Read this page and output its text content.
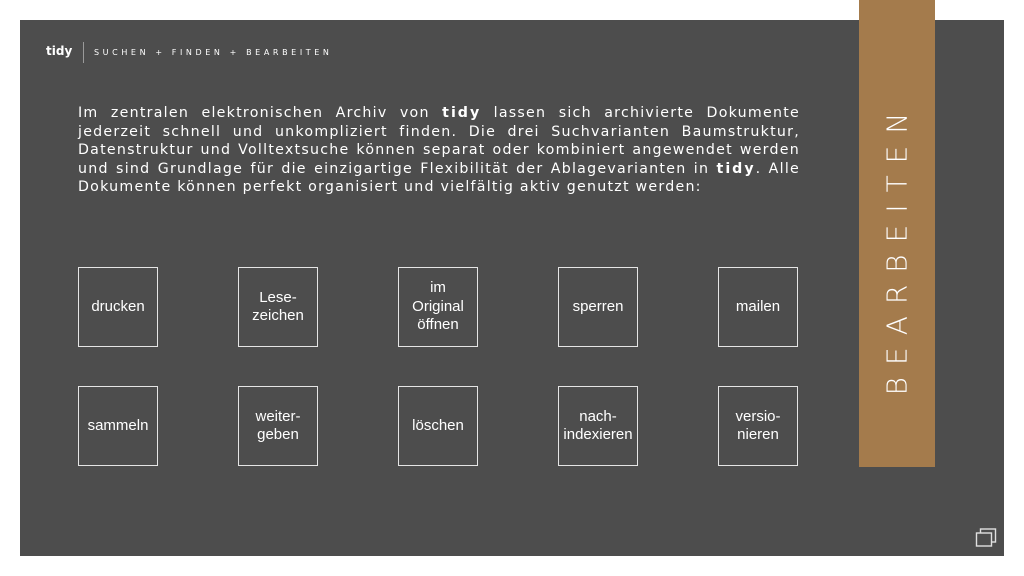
tidy	SUCHEN + FINDEN + BEARBEITEN

Im zentralen elektronischen Archiv von tidy lassen sich archivierte Dokumente jederzeit schnell und unkompliziert finden. Die drei Suchvarianten Baumstruktur, Datenstruktur und Volltextsuche können separat oder kombiniert angewendet werden und sind Grundlage für die einzigartige Flexibilität der Ablagevarianten in tidy. Alle Dokumente können perfekt organisiert und vielfältig aktiv genutzt werden:

drucken
Lese-
zeichen
im
Original
öffnen
sperren	mailen
sammeln
weiter-
geben
löschen
nach-
indexieren
versio-
nieren
BEARBEITEN
